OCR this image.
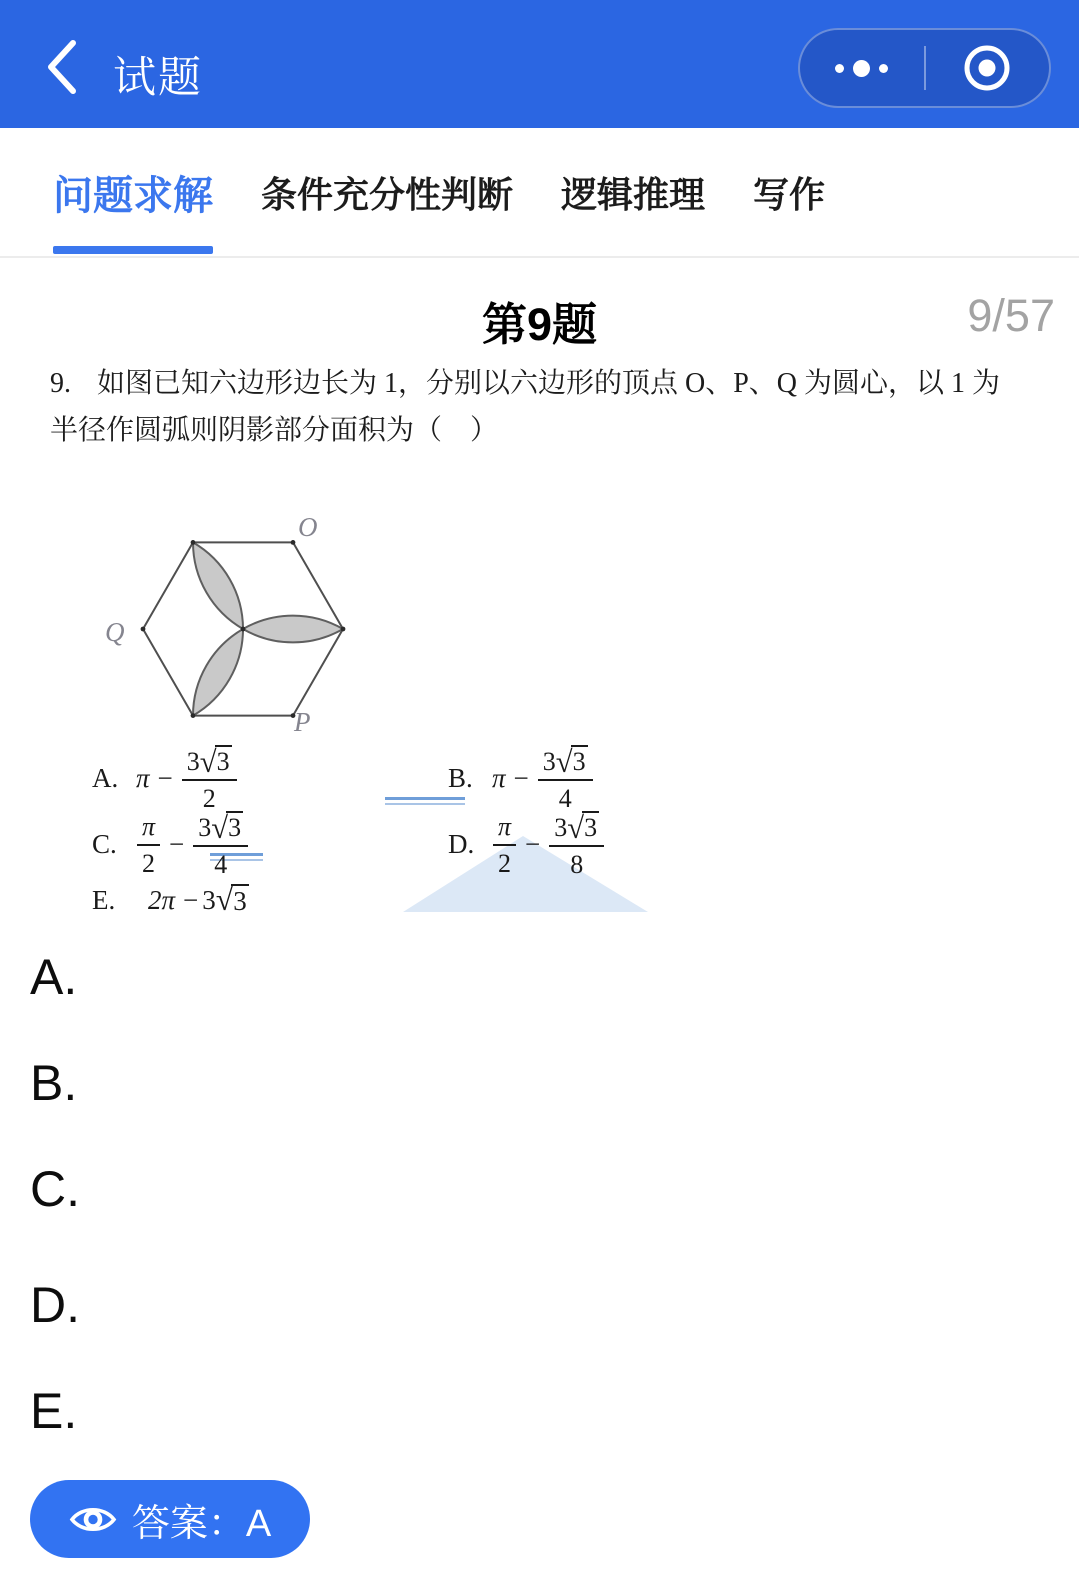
试题
问题求解 条件充分性判断 逻辑推理 写作
第9题	9/57

9. 如图已知六边形边长为 1，分别以六边形的顶点 O、P、Q 为圆心，以 1 为半径作圆弧则阴影部分面积为（　）

O
Q
P
A. $\pi - \frac{3 √ 3}{2}$	B. $\pi - \frac{3 √ 3}{4}$
C. $\frac{\pi}{2} - \frac{3 √ 3}{4}$	D. $\frac{\pi}{2} - \frac{3 √ 3}{8}$
E. 2π − 3 √ 3
A.
B.
C.
D.
E.
答案：A
